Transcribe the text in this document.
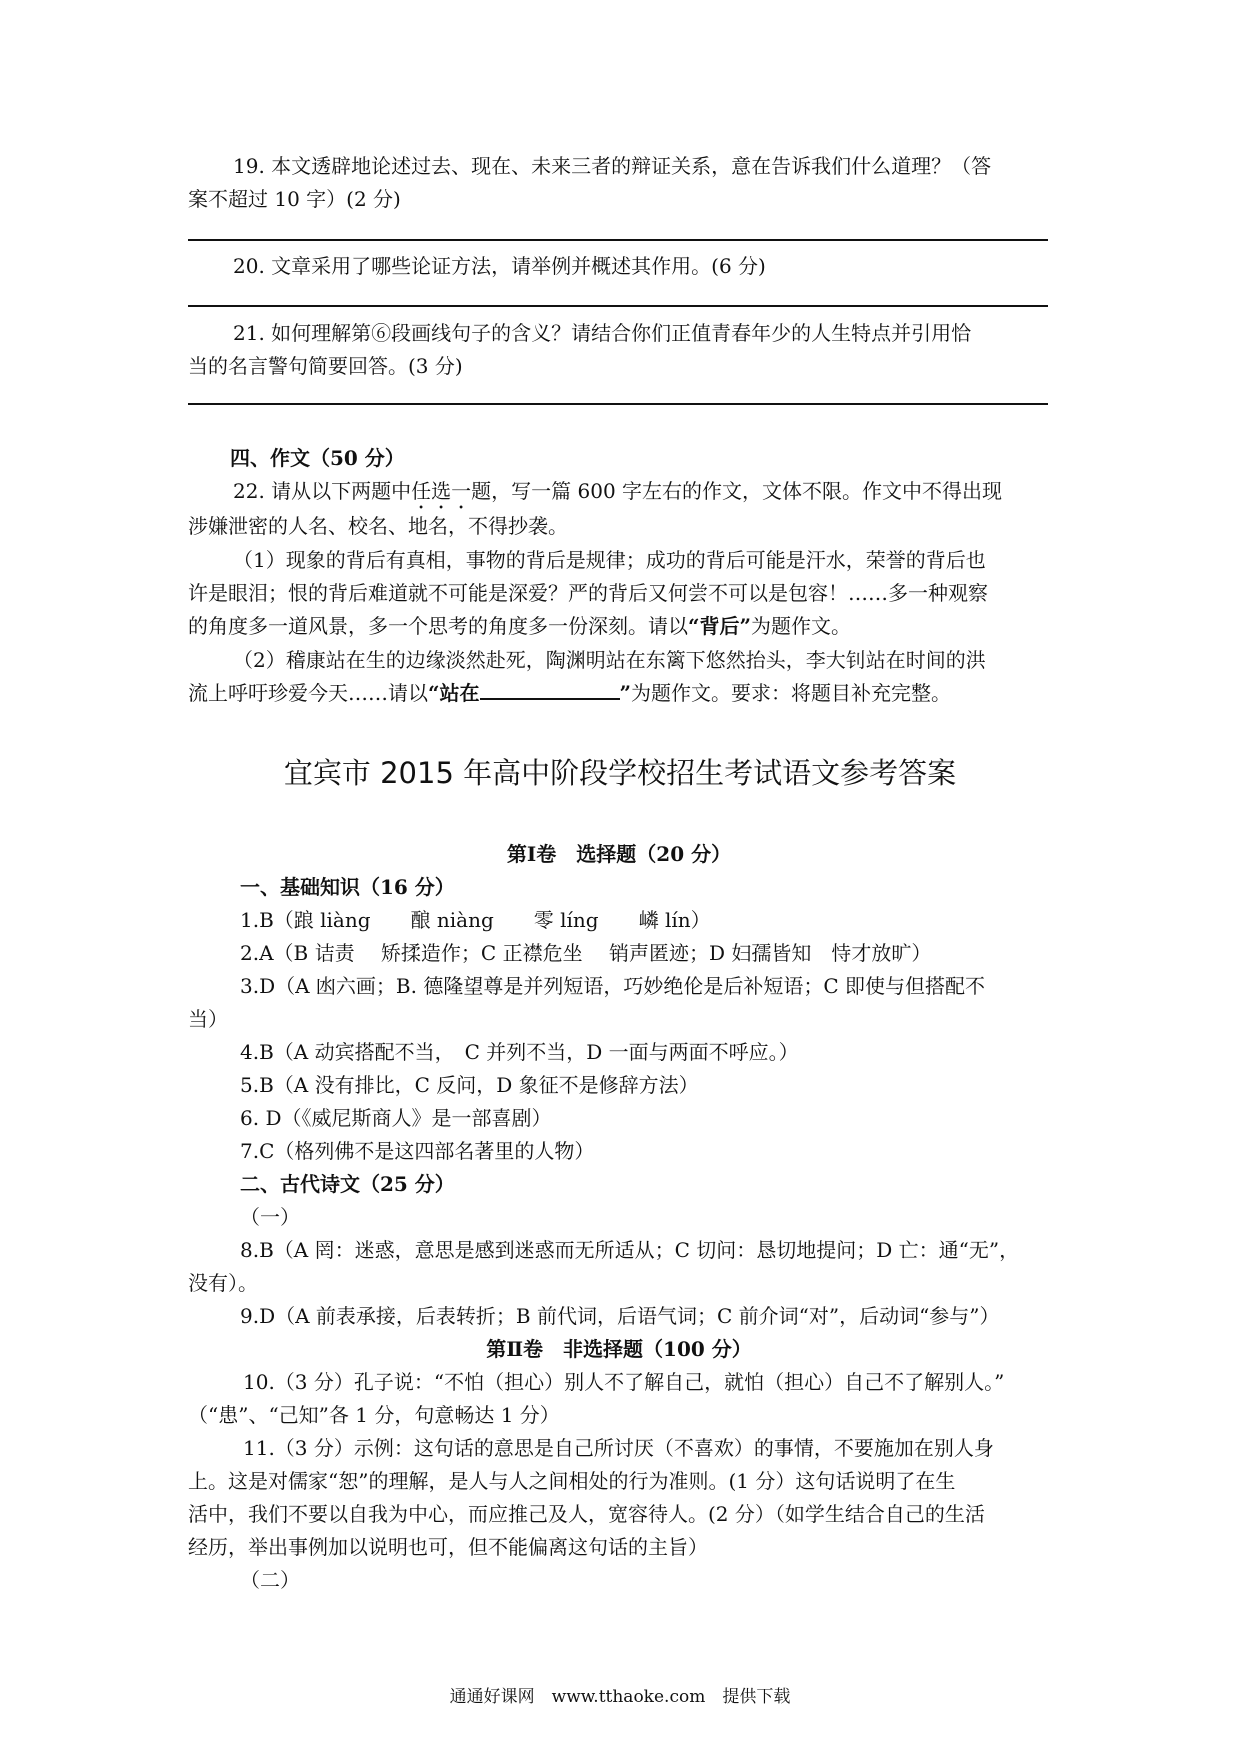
19. 本文透辟地论述过去、现在、未来三者的辩证关系，意在告诉我们什么道理？（答
案不超过 10 字）(2 分)
20. 文章采用了哪些论证方法，请举例并概述其作用。(6 分)
21. 如何理解第⑥段画线句子的含义？请结合你们正值青春年少的人生特点并引用恰
当的名言警句简要回答。(3 分)
四、作文（50 分）
22. 请从以下两题中任选一题，写一篇 600 字左右的作文，文体不限。作文中不得出现
涉嫌泄密的人名、校名、地名，不得抄袭。
（1）现象的背后有真相，事物的背后是规律；成功的背后可能是汗水，荣誉的背后也
许是眼泪；恨的背后难道就不可能是深爱？严的背后又何尝不可以是包容！……多一种观察
的角度多一道风景，多一个思考的角度多一份深刻。请以“背后”为题作文。
（2）稽康站在生的边缘淡然赴死，陶渊明站在东篱下悠然抬头，李大钊站在时间的洪
流上呼吁珍爱今天……请以“站在	”为题作文。要求：将题目补充完整。
宜宾市 2015 年高中阶段学校招生考试语文参考答案
第Ⅰ卷　选择题（20 分）
一、基础知识（16 分）
1.B（踉 liàng　　酿 niàng　　零 líng　　嶙 lín）
2.A（B 诘责　 矫揉造作；C 正襟危坐　 销声匿迹；D 妇孺皆知　恃才放旷）
3.D（A 凼六画；B. 德隆望尊是并列短语，巧妙绝伦是后补短语；C 即使与但搭配不
当）
4.B（A 动宾搭配不当，　C 并列不当，D 一面与两面不呼应。）
5.B（A 没有排比，C 反问，D 象征不是修辞方法）
6. D（《威尼斯商人》是一部喜剧）
7.C（格列佛不是这四部名著里的人物）
二、古代诗文（25 分）
（一）
8.B（A 罔：迷惑，意思是感到迷惑而无所适从；C 切问：恳切地提问；D 亡：通“无”，
没有）。
9.D（A 前表承接，后表转折；B 前代词，后语气词；C 前介词“对”，后动词“参与”）
第Ⅱ卷　非选择题（100 分）
10.（3 分）孔子说：“不怕（担心）别人不了解自己，就怕（担心）自己不了解别人。”
（“患”、“己知”各 1 分，句意畅达 1 分）
11.（3 分）示例：这句话的意思是自己所讨厌（不喜欢）的事情，不要施加在别人身
上。这是对儒家“恕”的理解，是人与人之间相处的行为准则。(1 分）这句话说明了在生
活中，我们不要以自我为中心，而应推己及人，宽容待人。(2 分）（如学生结合自己的生活
经历，举出事例加以说明也可，但不能偏离这句话的主旨）
（二）
通通好课网　www.tthaoke.com　提供下载
